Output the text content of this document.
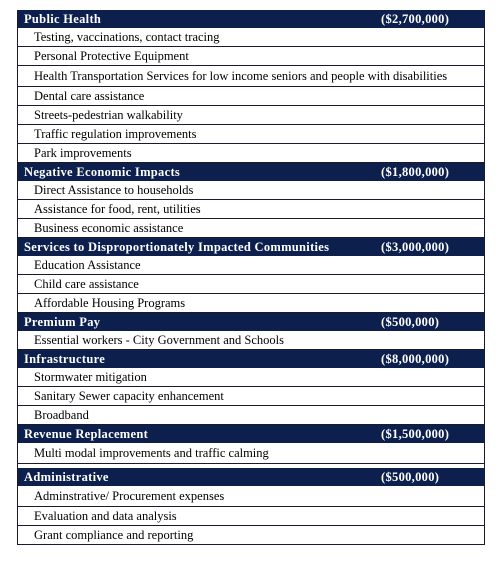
Public Health	($2,700,000)
Testing, vaccinations, contact tracing
Personal Protective Equipment
Health Transportation Services for low income seniors and people with disabilities
Dental care assistance
Streets-pedestrian walkability
Traffic regulation improvements
Park improvements
Negative Economic Impacts	($1,800,000)
Direct Assistance to households
Assistance for food, rent, utilities
Business economic assistance
Services to Disproportionately Impacted Communities	($3,000,000)
Education Assistance
Child care assistance
Affordable Housing Programs
Premium Pay	($500,000)
Essential workers - City Government and Schools
Infrastructure	($8,000,000)
Stormwater mitigation
Sanitary Sewer capacity enhancement
Broadband
Revenue Replacement	($1,500,000)
Multi modal improvements and traffic calming
Administrative	($500,000)
Adminstrative/ Procurement expenses
Evaluation and data analysis
Grant compliance and reporting
